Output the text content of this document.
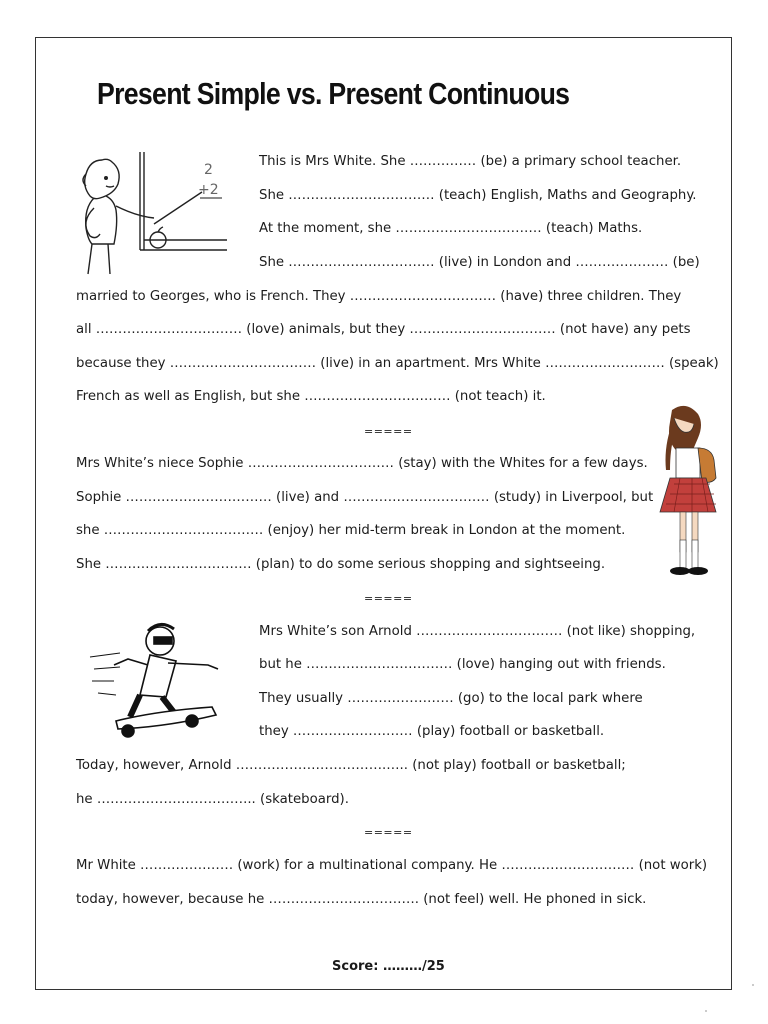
Present Simple vs. Present Continuous
2
+2
This is Mrs White. She …………… (be) a primary school teacher.
She …………………………… (teach) English, Maths and Geography.
At the moment, she …………………………… (teach) Maths.
She …………………………… (live) in London and ………………… (be)
married to Georges, who is French. They …………………………… (have) three children. They
all …………………………… (love) animals, but they …………………………… (not have) any pets
because they …………………………… (live) in an apartment. Mrs White ……………………… (speak)
French as well as English, but she …………………………… (not teach) it.
=====
Mrs White’s niece Sophie …………………………… (stay) with the Whites for a few days.
Sophie …………………………… (live) and …………………………… (study) in Liverpool, but
she ……………………………… (enjoy) her mid-term break in London at the moment.
She …………………………… (plan) to do some serious shopping and sightseeing.
=====
Mrs White’s son Arnold …………………………… (not like) shopping,
but he …………………………… (love) hanging out with friends.
They usually …………………… (go) to the local park where
they ……………………… (play) football or basketball.
Today, however, Arnold …………………………….….. (not play) football or basketball;
he ……………………………... (skateboard).
=====
Mr White ………………… (work) for a multinational company. He ………………………… (not work)
today, however, because he ……………………………. (not feel) well. He phoned in sick.
Score: ………/25
